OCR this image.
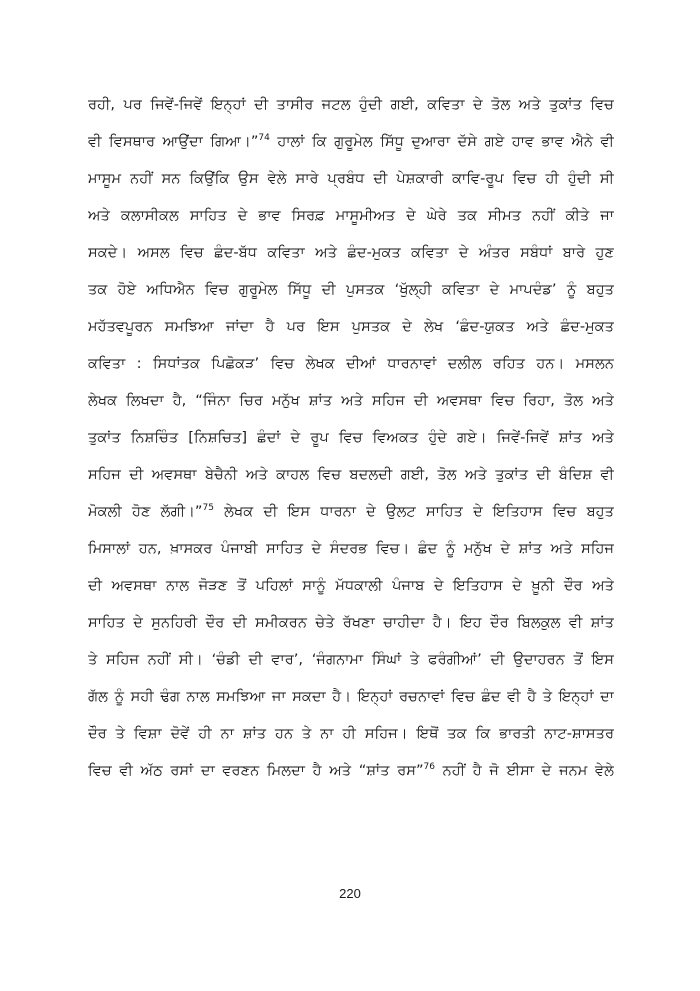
ਰਹੀ, ਪਰ ਜਿਵੇਂ-ਜਿਵੇਂ ਇਨ੍ਹਾਂ ਦੀ ਤਾਸੀਰ ਜਟਲ ਹੁੰਦੀ ਗਈ, ਕਵਿਤਾ ਦੇ ਤੋਲ ਅਤੇ ਤੁਕਾਂਤ ਵਿਚ
ਵੀ ਵਿਸਥਾਰ ਆਉਂਦਾ ਗਿਆ।”$^{74}$ ਹਾਲਾਂ ਕਿ ਗੁਰੂਮੇਲ ਸਿੱਧੂ ਦੁਆਰਾ ਦੱਸੇ ਗਏ ਹਾਵ ਭਾਵ ਐਨੇ ਵੀ
ਮਾਸੂਮ ਨਹੀਂ ਸਨ ਕਿਉਂਕਿ ਉਸ ਵੇਲੇ ਸਾਰੇ ਪ੍ਰਬੰਧ ਦੀ ਪੇਸ਼ਕਾਰੀ ਕਾਵਿ-ਰੂਪ ਵਿਚ ਹੀ ਹੁੰਦੀ ਸੀ
ਅਤੇ ਕਲਾਸੀਕਲ ਸਾਹਿਤ ਦੇ ਭਾਵ ਸਿਰਫ਼ ਮਾਸੂਮੀਅਤ ਦੇ ਘੇਰੇ ਤਕ ਸੀਮਤ ਨਹੀਂ ਕੀਤੇ ਜਾ
ਸਕਦੇ। ਅਸਲ ਵਿਚ ਛੰਦ-ਬੱਧ ਕਵਿਤਾ ਅਤੇ ਛੰਦ-ਮੁਕਤ ਕਵਿਤਾ ਦੇ ਅੰਤਰ ਸਬੰਧਾਂ ਬਾਰੇ ਹੁਣ
ਤਕ ਹੋਏ ਅਧਿਐਨ ਵਿਚ ਗੁਰੂਮੇਲ ਸਿੱਧੂ ਦੀ ਪੁਸਤਕ ‘ਖੁੱਲ੍ਹੀ ਕਵਿਤਾ ਦੇ ਮਾਪਦੰਡ’ ਨੂੰ ਬਹੁਤ
ਮਹੱਤਵਪੂਰਨ ਸਮਝਿਆ ਜਾਂਦਾ ਹੈ ਪਰ ਇਸ ਪੁਸਤਕ ਦੇ ਲੇਖ ‘ਛੰਦ-ਯੁਕਤ ਅਤੇ ਛੰਦ-ਮੁਕਤ
ਕਵਿਤਾ : ਸਿਧਾਂਤਕ ਪਿਛੋਕੜ’ ਵਿਚ ਲੇਖਕ ਦੀਆਂ ਧਾਰਨਾਵਾਂ ਦਲੀਲ ਰਹਿਤ ਹਨ। ਮਸਲਨ
ਲੇਖਕ ਲਿਖਦਾ ਹੈ, “ਜਿੰਨਾ ਚਿਰ ਮਨੁੱਖ ਸ਼ਾਂਤ ਅਤੇ ਸਹਿਜ ਦੀ ਅਵਸਥਾ ਵਿਚ ਰਿਹਾ, ਤੋਲ ਅਤੇ
ਤੁਕਾਂਤ ਨਿਸ਼ਚਿੰਤ [ਨਿਸ਼ਚਿਤ] ਛੰਦਾਂ ਦੇ ਰੂਪ ਵਿਚ ਵਿਅਕਤ ਹੁੰਦੇ ਗਏ। ਜਿਵੇਂ-ਜਿਵੇਂ ਸ਼ਾਂਤ ਅਤੇ
ਸਹਿਜ ਦੀ ਅਵਸਥਾ ਬੇਚੈਨੀ ਅਤੇ ਕਾਹਲ ਵਿਚ ਬਦਲਦੀ ਗਈ, ਤੋਲ ਅਤੇ ਤੁਕਾਂਤ ਦੀ ਬੰਦਿਸ਼ ਵੀ
ਮੋਕਲੀ ਹੋਣ ਲੱਗੀ।”$^{75}$ ਲੇਖਕ ਦੀ ਇਸ ਧਾਰਨਾ ਦੇ ਉਲਟ ਸਾਹਿਤ ਦੇ ਇਤਿਹਾਸ ਵਿਚ ਬਹੁਤ
ਮਿਸਾਲਾਂ ਹਨ, ਖ਼ਾਸਕਰ ਪੰਜਾਬੀ ਸਾਹਿਤ ਦੇ ਸੰਦਰਭ ਵਿਚ। ਛੰਦ ਨੂੰ ਮਨੁੱਖ ਦੇ ਸ਼ਾਂਤ ਅਤੇ ਸਹਿਜ
ਦੀ ਅਵਸਥਾ ਨਾਲ ਜੋੜਣ ਤੋਂ ਪਹਿਲਾਂ ਸਾਨੂੰ ਮੱਧਕਾਲੀ ਪੰਜਾਬ ਦੇ ਇਤਿਹਾਸ ਦੇ ਖ਼ੂਨੀ ਦੌਰ ਅਤੇ
ਸਾਹਿਤ ਦੇ ਸੁਨਹਿਰੀ ਦੌਰ ਦੀ ਸਮੀਕਰਨ ਚੇਤੇ ਰੱਖਣਾ ਚਾਹੀਦਾ ਹੈ। ਇਹ ਦੌਰ ਬਿਲਕੁਲ ਵੀ ਸ਼ਾਂਤ
ਤੇ ਸਹਿਜ ਨਹੀਂ ਸੀ। ‘ਚੰਡੀ ਦੀ ਵਾਰ’, ‘ਜੰਗਨਾਮਾ ਸਿੰਘਾਂ ਤੇ ਫਰੰਗੀਆਂ’ ਦੀ ਉਦਾਹਰਨ ਤੋਂ ਇਸ
ਗੱਲ ਨੂੰ ਸਹੀ ਢੰਗ ਨਾਲ ਸਮਝਿਆ ਜਾ ਸਕਦਾ ਹੈ। ਇਨ੍ਹਾਂ ਰਚਨਾਵਾਂ ਵਿਚ ਛੰਦ ਵੀ ਹੈ ਤੇ ਇਨ੍ਹਾਂ ਦਾ
ਦੌਰ ਤੇ ਵਿਸ਼ਾ ਦੋਵੇਂ ਹੀ ਨਾ ਸ਼ਾਂਤ ਹਨ ਤੇ ਨਾ ਹੀ ਸਹਿਜ। ਇਥੋਂ ਤਕ ਕਿ ਭਾਰਤੀ ਨਾਟ-ਸ਼ਾਸਤਰ
ਵਿਚ ਵੀ ਅੱਠ ਰਸਾਂ ਦਾ ਵਰਣਨ ਮਿਲਦਾ ਹੈ ਅਤੇ “ਸ਼ਾਂਤ ਰਸ”$^{76}$ ਨਹੀਂ ਹੈ ਜੋ ਈਸਾ ਦੇ ਜਨਮ ਵੇਲੇ
220
